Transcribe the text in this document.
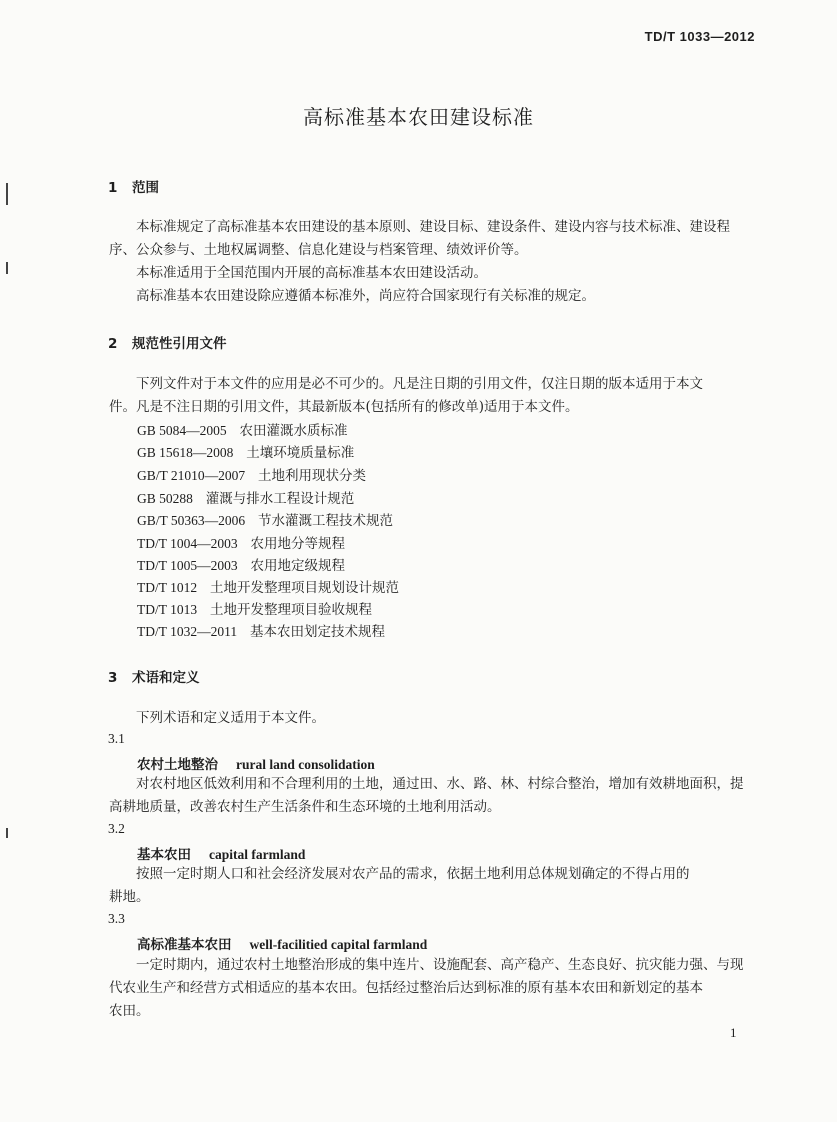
TD/T 1033—2012
高标准基本农田建设标准
1 范围
本标准规定了高标准基本农田建设的基本原则、建设目标、建设条件、建设内容与技术标准、建设程
序、公众参与、土地权属调整、信息化建设与档案管理、绩效评价等。
本标准适用于全国范围内开展的高标准基本农田建设活动。
高标准基本农田建设除应遵循本标准外，尚应符合国家现行有关标准的规定。
2 规范性引用文件
下列文件对于本文件的应用是必不可少的。凡是注日期的引用文件，仅注日期的版本适用于本文
件。凡是不注日期的引用文件，其最新版本(包括所有的修改单)适用于本文件。
GB 5084—2005 农田灌溉水质标准
GB 15618—2008 土壤环境质量标准
GB/T 21010—2007 土地利用现状分类
GB 50288 灌溉与排水工程设计规范
GB/T 50363—2006 节水灌溉工程技术规范
TD/T 1004—2003 农用地分等规程
TD/T 1005—2003 农用地定级规程
TD/T 1012 土地开发整理项目规划设计规范
TD/T 1013 土地开发整理项目验收规程
TD/T 1032—2011 基本农田划定技术规程
3 术语和定义
下列术语和定义适用于本文件。
3.1
农村土地整治 rural land consolidation
对农村地区低效利用和不合理利用的土地，通过田、水、路、林、村综合整治，增加有效耕地面积，提
高耕地质量，改善农村生产生活条件和生态环境的土地利用活动。
3.2
基本农田 capital farmland
按照一定时期人口和社会经济发展对农产品的需求，依据土地利用总体规划确定的不得占用的
耕地。
3.3
高标准基本农田 well-facilitied capital farmland
一定时期内，通过农村土地整治形成的集中连片、设施配套、高产稳产、生态良好、抗灾能力强、与现
代农业生产和经营方式相适应的基本农田。包括经过整治后达到标准的原有基本农田和新划定的基本
农田。
1
